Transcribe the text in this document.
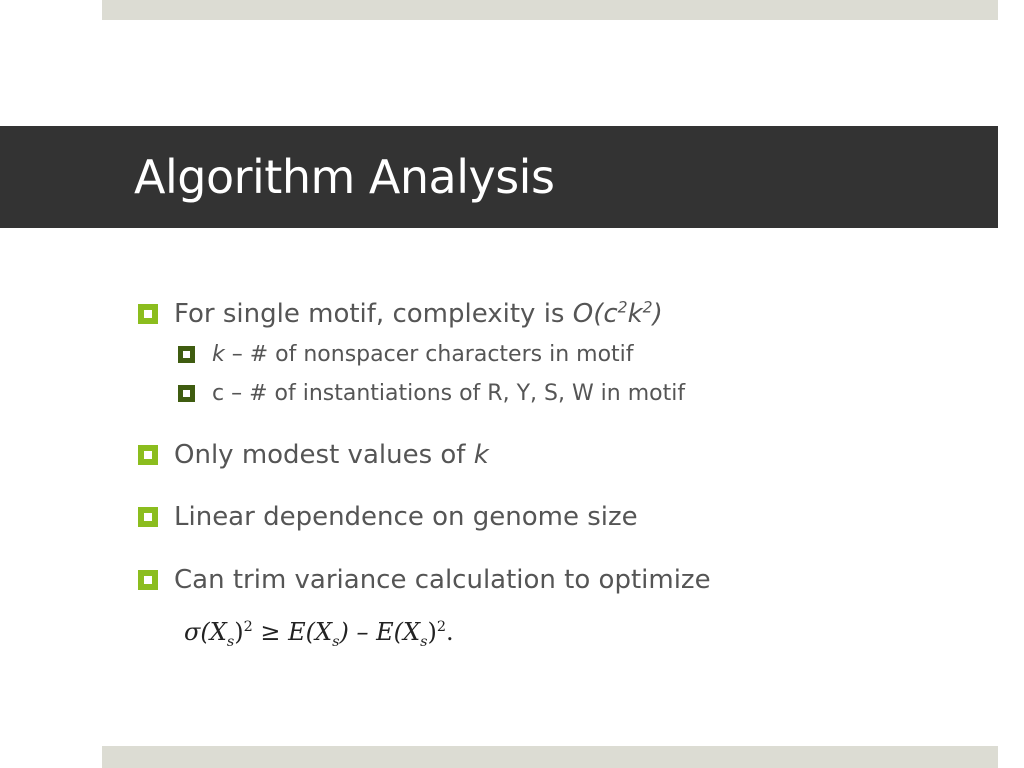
Algorithm Analysis
For single motif, complexity is $O(c^2k^2)$
k – # of nonspacer characters in motif
c – # of instantiations of R, Y, S, W in motif
Only modest values of k
Linear dependence on genome size
Can trim variance calculation to optimize
$\sigma(X_s)^2 \ge E(X_s) - E(X_s)^2$.
